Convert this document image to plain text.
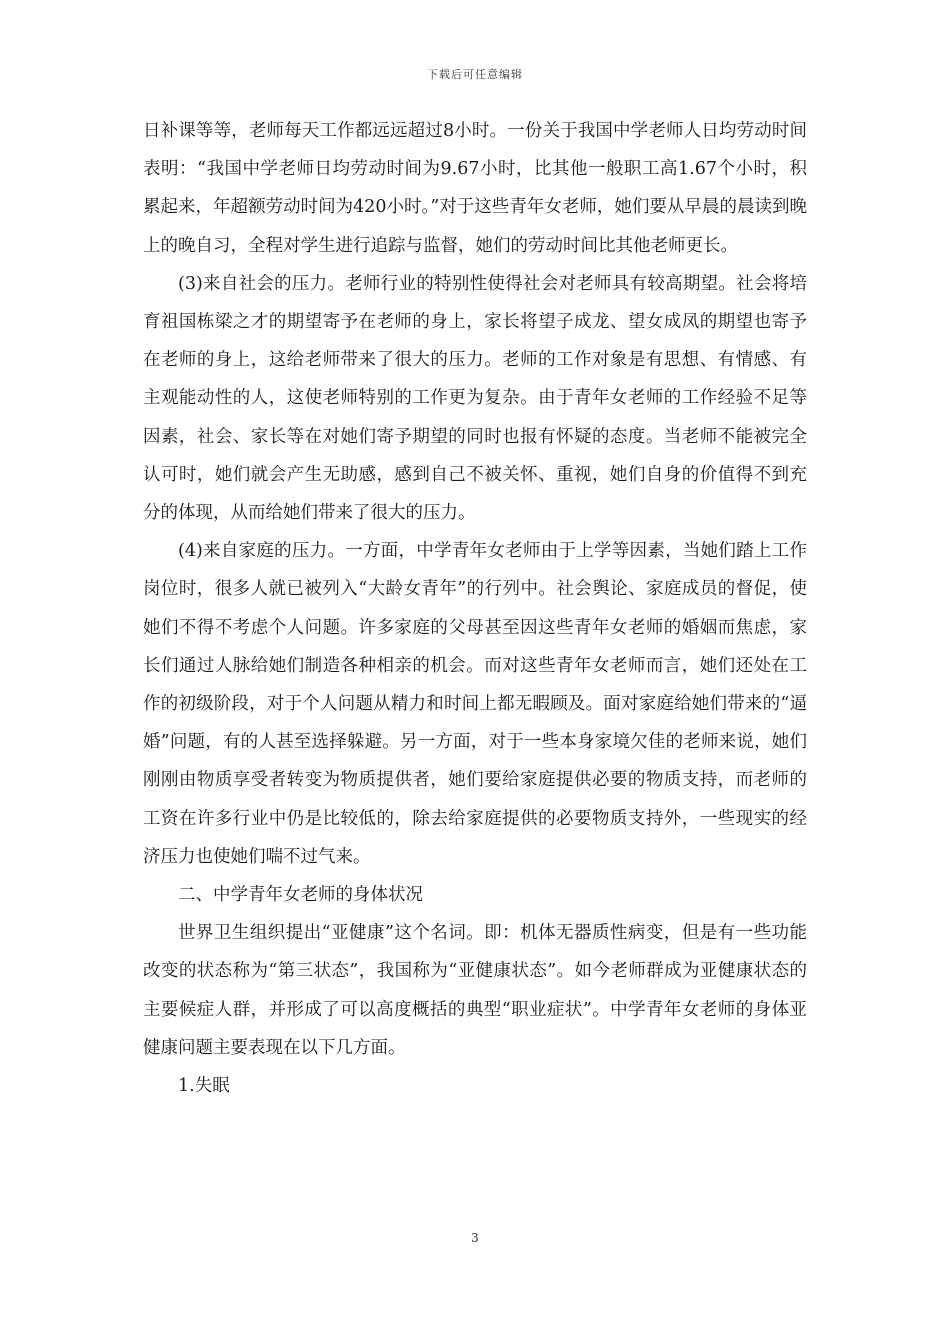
下载后可任意编辑

日补课等等，老师每天工作都远远超过8小时。一份关于我国中学老师人日均劳动时间表明：“我国中学老师日均劳动时间为9.67小时，比其他一般职工高1.67个小时，积累起来，年超额劳动时间为420小时。”对于这些青年女老师，她们要从早晨的晨读到晚上的晚自习，全程对学生进行追踪与监督，她们的劳动时间比其他老师更长。

(3)来自社会的压力。老师行业的特别性使得社会对老师具有较高期望。社会将培育祖国栋梁之才的期望寄予在老师的身上，家长将望子成龙、望女成凤的期望也寄予在老师的身上，这给老师带来了很大的压力。老师的工作对象是有思想、有情感、有主观能动性的人，这使老师特别的工作更为复杂。由于青年女老师的工作经验不足等因素，社会、家长等在对她们寄予期望的同时也报有怀疑的态度。当老师不能被完全认可时，她们就会产生无助感，感到自己不被关怀、重视，她们自身的价值得不到充分的体现，从而给她们带来了很大的压力。

(4)来自家庭的压力。一方面，中学青年女老师由于上学等因素，当她们踏上工作岗位时，很多人就已被列入“大龄女青年”的行列中。社会舆论、家庭成员的督促，使她们不得不考虑个人问题。许多家庭的父母甚至因这些青年女老师的婚姻而焦虑，家长们通过人脉给她们制造各种相亲的机会。而对这些青年女老师而言，她们还处在工作的初级阶段，对于个人问题从精力和时间上都无暇顾及。面对家庭给她们带来的“逼婚”问题，有的人甚至选择躲避。另一方面，对于一些本身家境欠佳的老师来说，她们刚刚由物质享受者转变为物质提供者，她们要给家庭提供必要的物质支持，而老师的工资在许多行业中仍是比较低的，除去给家庭提供的必要物质支持外，一些现实的经济压力也使她们喘不过气来。

二、中学青年女老师的身体状况

世界卫生组织提出“亚健康”这个名词。即：机体无器质性病变，但是有一些功能改变的状态称为“第三状态”，我国称为“亚健康状态”。如今老师群成为亚健康状态的主要候症人群，并形成了可以高度概括的典型“职业症状”。中学青年女老师的身体亚健康问题主要表现在以下几方面。

1.失眠

3
